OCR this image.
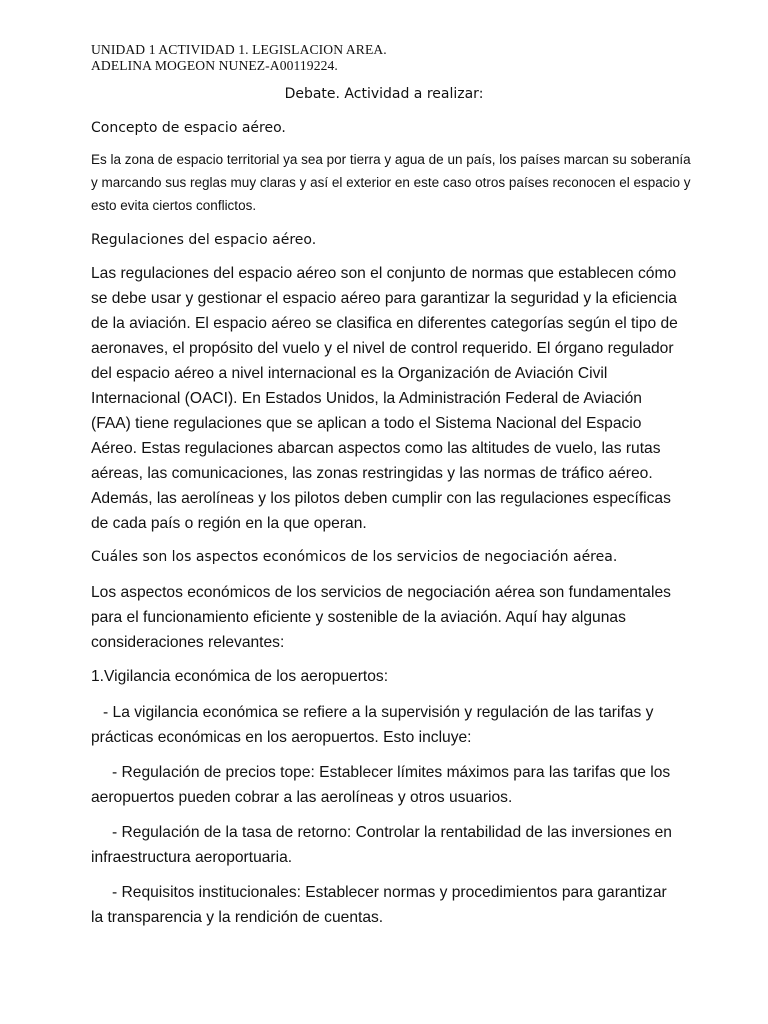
UNIDAD 1 ACTIVIDAD 1. LEGISLACION AREA.
ADELINA MOGEON NUNEZ-A00119224.
Debate. Actividad a realizar:
Concepto de espacio aéreo.
Es la zona de espacio territorial ya sea por tierra y agua de un país, los países marcan su soberanía y marcando sus reglas muy claras y así el exterior en este caso otros países reconocen el espacio y esto evita ciertos conflictos.
Regulaciones del espacio aéreo.
Las regulaciones del espacio aéreo son el conjunto de normas que establecen cómo se debe usar y gestionar el espacio aéreo para garantizar la seguridad y la eficiencia de la aviación. El espacio aéreo se clasifica en diferentes categorías según el tipo de aeronaves, el propósito del vuelo y el nivel de control requerido. El órgano regulador del espacio aéreo a nivel internacional es la Organización de Aviación Civil Internacional (OACI). En Estados Unidos, la Administración Federal de Aviación (FAA) tiene regulaciones que se aplican a todo el Sistema Nacional del Espacio Aéreo. Estas regulaciones abarcan aspectos como las altitudes de vuelo, las rutas aéreas, las comunicaciones, las zonas restringidas y las normas de tráfico aéreo. Además, las aerolíneas y los pilotos deben cumplir con las regulaciones específicas de cada país o región en la que operan.
Cuáles son los aspectos económicos de los servicios de negociación aérea.
Los aspectos económicos de los servicios de negociación aérea son fundamentales para el funcionamiento eficiente y sostenible de la aviación. Aquí hay algunas consideraciones relevantes:
1.Vigilancia económica de los aeropuertos:
- La vigilancia económica se refiere a la supervisión y regulación de las tarifas y prácticas económicas en los aeropuertos. Esto incluye:
- Regulación de precios tope: Establecer límites máximos para las tarifas que los aeropuertos pueden cobrar a las aerolíneas y otros usuarios.
- Regulación de la tasa de retorno: Controlar la rentabilidad de las inversiones en infraestructura aeroportuaria.
- Requisitos institucionales: Establecer normas y procedimientos para garantizar la transparencia y la rendición de cuentas.
